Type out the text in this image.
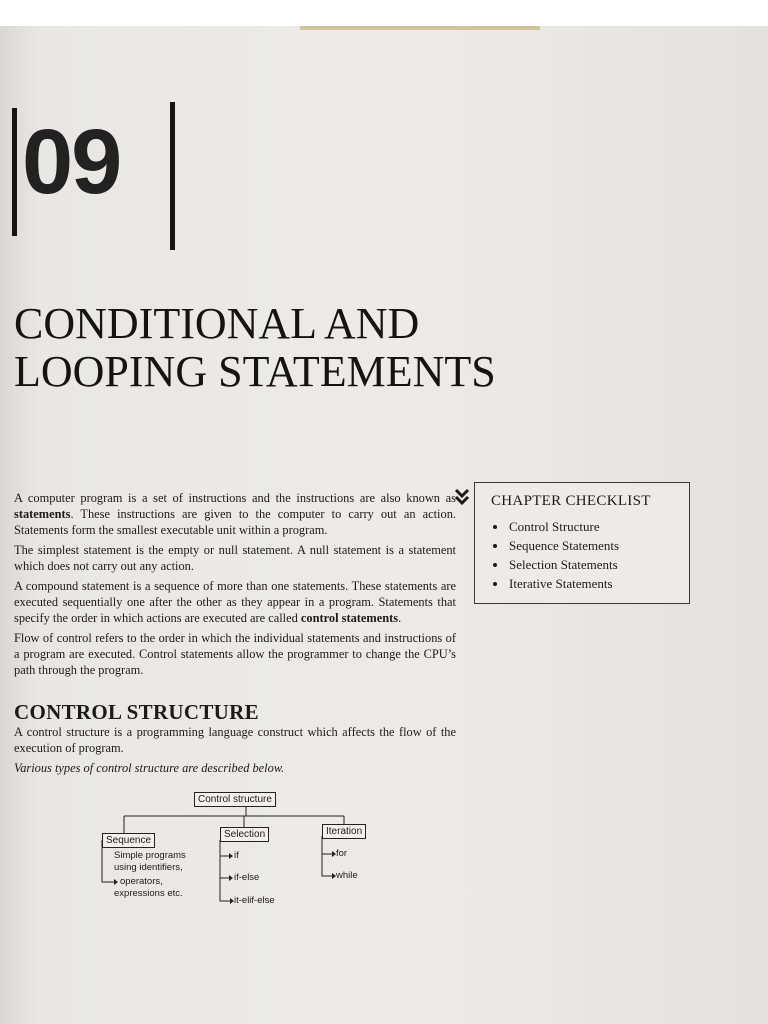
09
CONDITIONAL AND
LOOPING STATEMENTS

A computer program is a set of instructions and the instructions are also known as statements. These instructions are given to the computer to carry out an action. Statements form the smallest executable unit within a program.

The simplest statement is the empty or null statement. A null statement is a statement which does not carry out any action.

A compound statement is a sequence of more than one statements. These statements are executed sequentially one after the other as they appear in a program. Statements that specify the order in which actions are executed are called control statements.

Flow of control refers to the order in which the individual statements and instructions of a program are executed. Control statements allow the programmer to change the CPU’s path through the program.

CHAPTER CHECKLIST
Control Structure
Sequence Statements
Selection Statements
Iterative Statements
CONTROL STRUCTURE

A control structure is a programming language construct which affects the flow of the execution of program.

Various types of control structure are described below.

Control structure
Sequence
Selection	Iteration
Simple programs
using identifiers,
operators,
expressions etc.
if
if-else
it-elif-else
for
while
